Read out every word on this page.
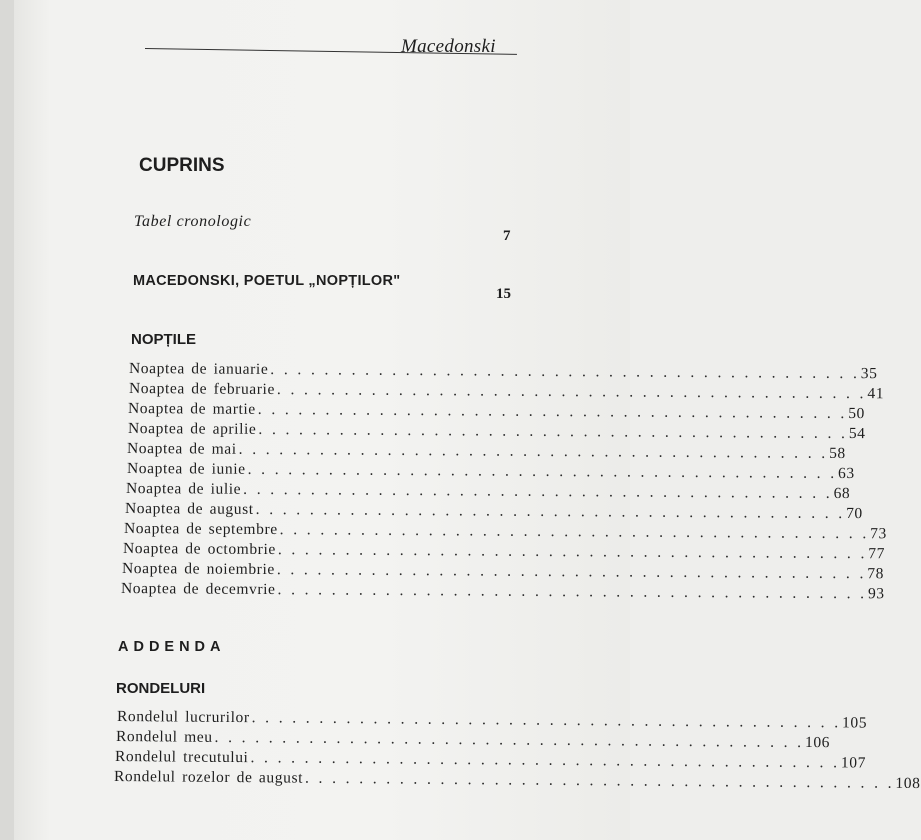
Macedonski
CUPRINS
Tabel cronologic
7
MACEDONSKI, POETUL „NOPȚILOR"
15
NOPȚILE
Noaptea de ianuarie . . . . . . . . . . . . . . . . . . . . . . . . . . . . . . . . . . . . . . . . . . . . 35
Noaptea de februarie . . . . . . . . . . . . . . . . . . . . . . . . . . . . . . . . . . . . . . . . . . . . 41
Noaptea de martie . . . . . . . . . . . . . . . . . . . . . . . . . . . . . . . . . . . . . . . . . . . . 50
Noaptea de aprilie . . . . . . . . . . . . . . . . . . . . . . . . . . . . . . . . . . . . . . . . . . . . 54
Noaptea de mai . . . . . . . . . . . . . . . . . . . . . . . . . . . . . . . . . . . . . . . . . . . . 58
Noaptea de iunie . . . . . . . . . . . . . . . . . . . . . . . . . . . . . . . . . . . . . . . . . . . . 63
Noaptea de iulie . . . . . . . . . . . . . . . . . . . . . . . . . . . . . . . . . . . . . . . . . . . . 68
Noaptea de august . . . . . . . . . . . . . . . . . . . . . . . . . . . . . . . . . . . . . . . . . . . . 70
Noaptea de septembre . . . . . . . . . . . . . . . . . . . . . . . . . . . . . . . . . . . . . . . . . . . . 73
Noaptea de octombrie . . . . . . . . . . . . . . . . . . . . . . . . . . . . . . . . . . . . . . . . . . . . 77
Noaptea de noiembrie . . . . . . . . . . . . . . . . . . . . . . . . . . . . . . . . . . . . . . . . . . . . 78
Noaptea de decemvrie . . . . . . . . . . . . . . . . . . . . . . . . . . . . . . . . . . . . . . . . . . . . 93
ADDENDA
RONDELURI
Rondelul lucrurilor . . . . . . . . . . . . . . . . . . . . . . . . . . . . . . . . . . . . . . . . . . . . 105
Rondelul meu . . . . . . . . . . . . . . . . . . . . . . . . . . . . . . . . . . . . . . . . . . . . 106
Rondelul trecutului . . . . . . . . . . . . . . . . . . . . . . . . . . . . . . . . . . . . . . . . . . . . 107
Rondelul rozelor de august . . . . . . . . . . . . . . . . . . . . . . . . . . . . . . . . . . . . . . . . . . . . 108
